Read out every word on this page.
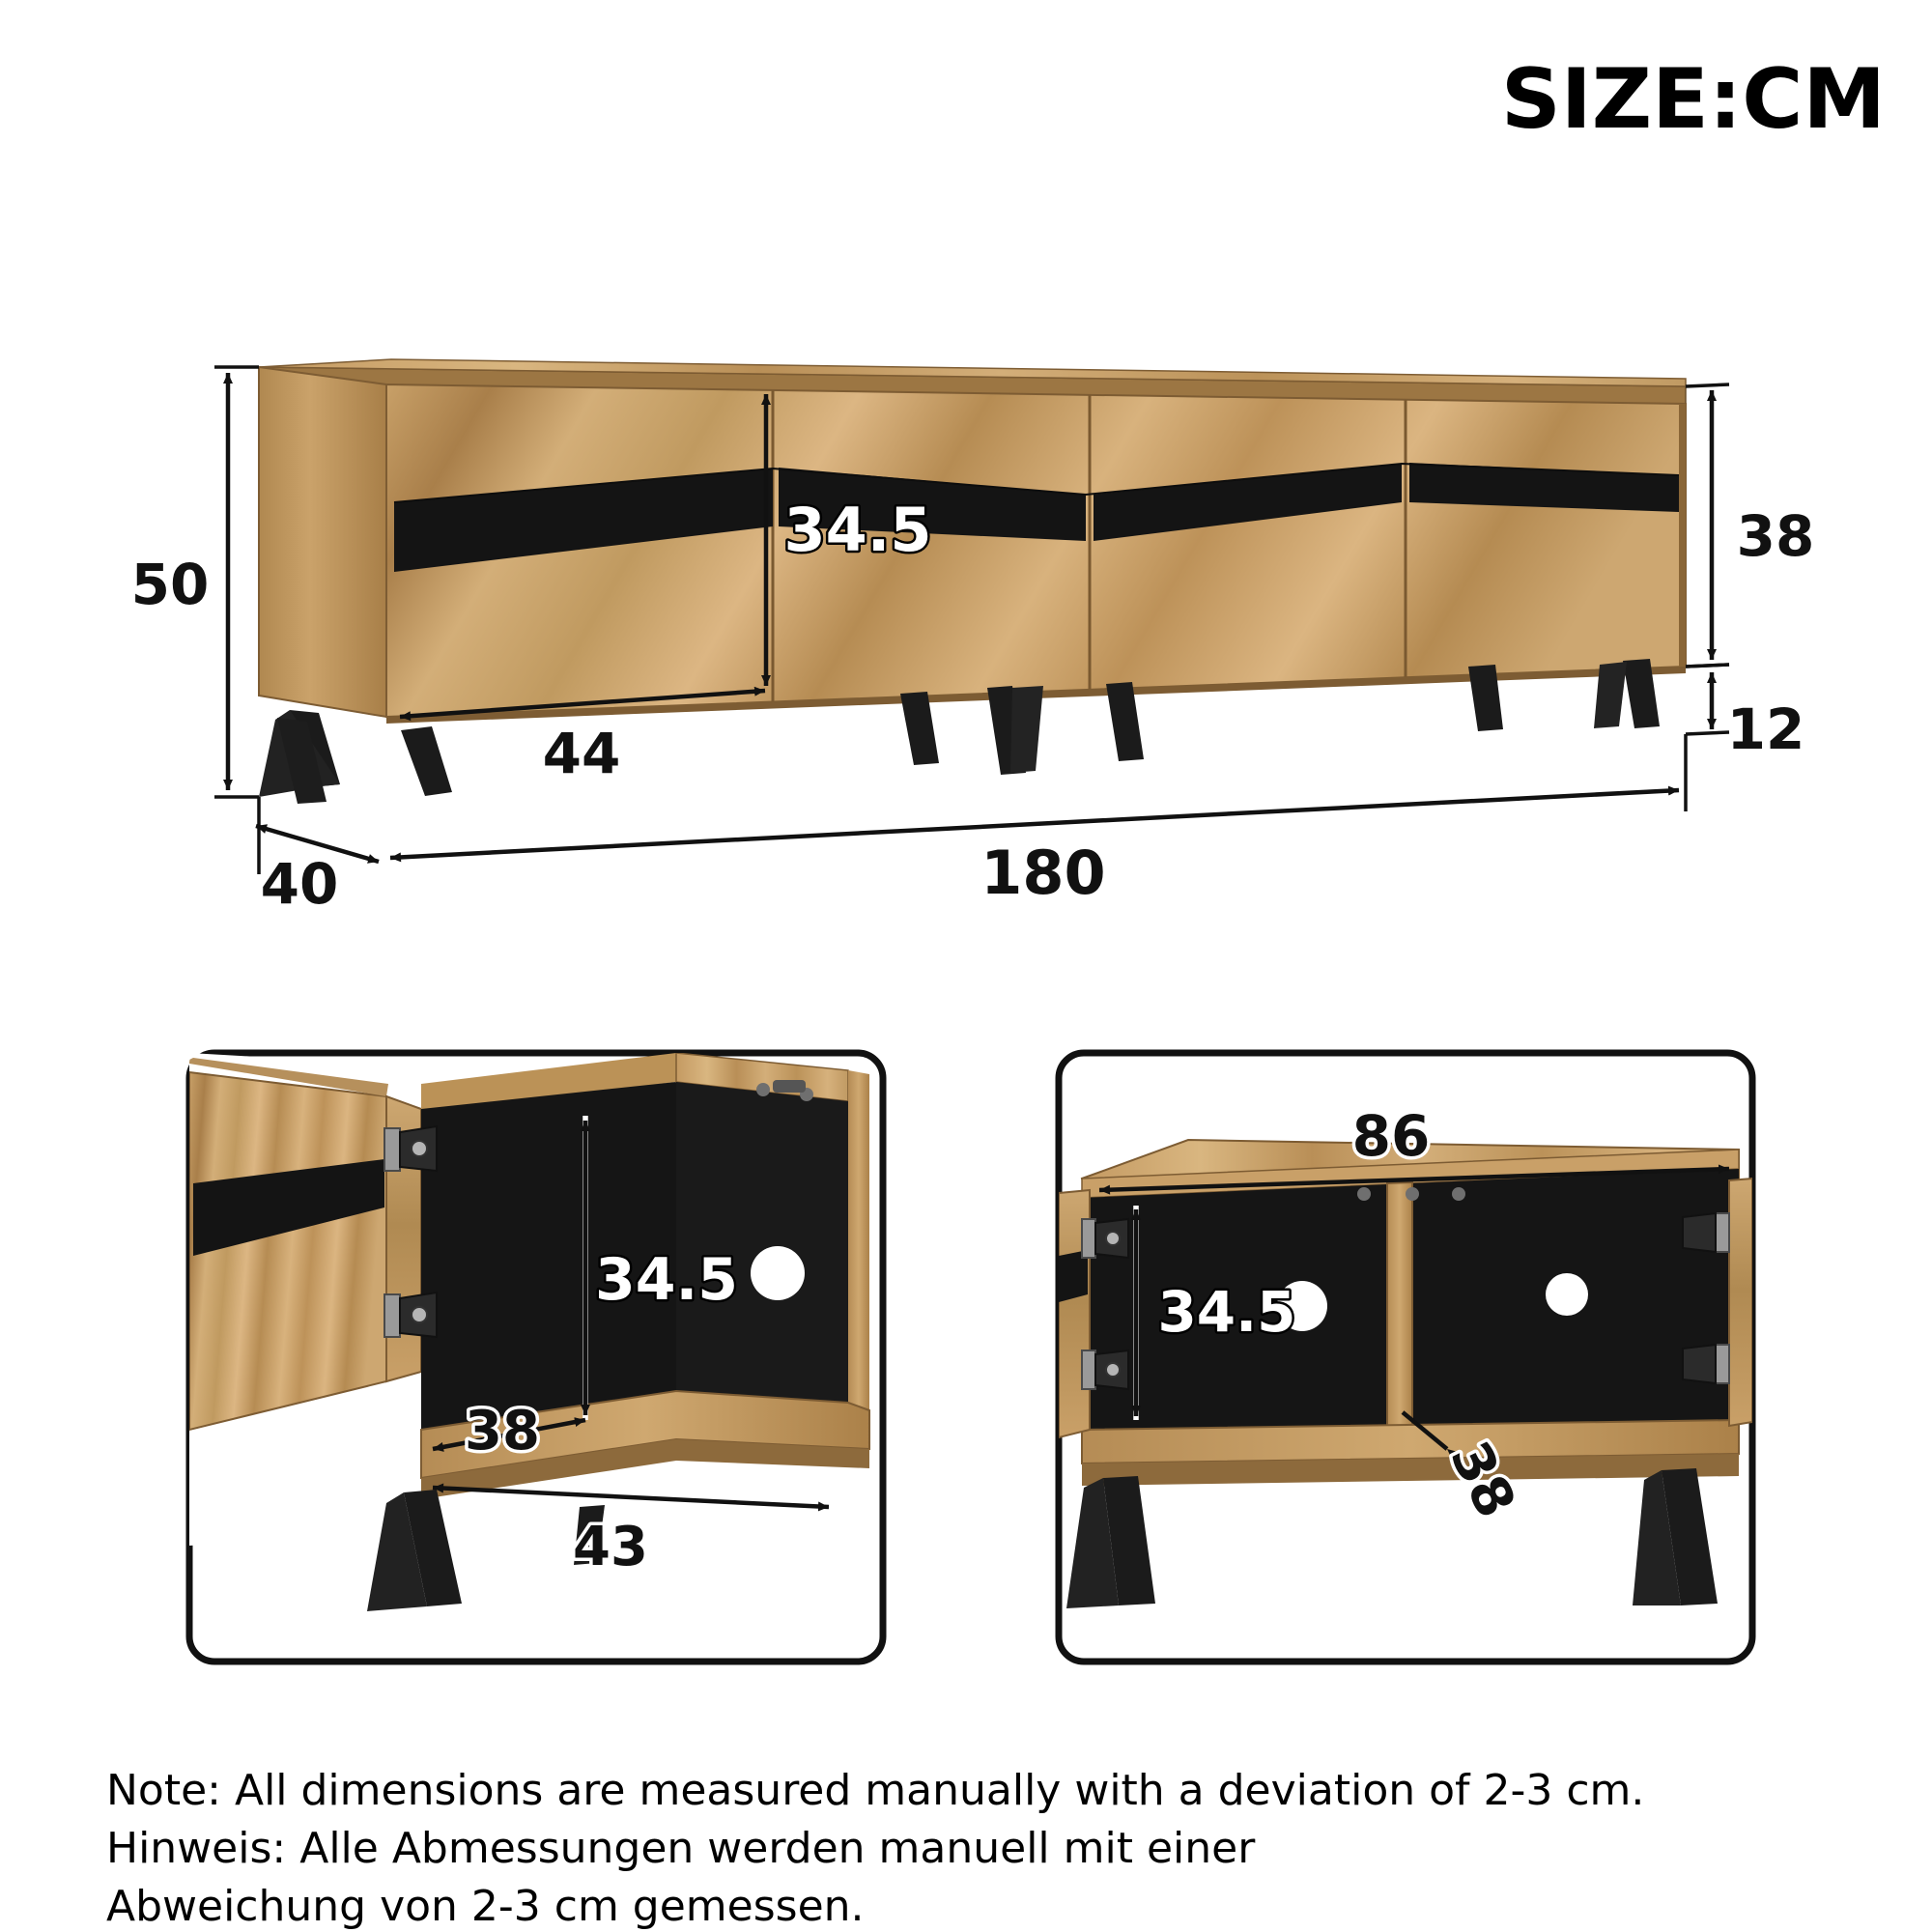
50
34.5	38
12
44
180
40
34.5
38
43
86
34.5
38
SIZE:CM
Note: All dimensions are measured manually with a deviation of 2-3 cm.
Hinweis: Alle Abmessungen werden manuell mit einer
Abweichung von 2-3 cm gemessen.
